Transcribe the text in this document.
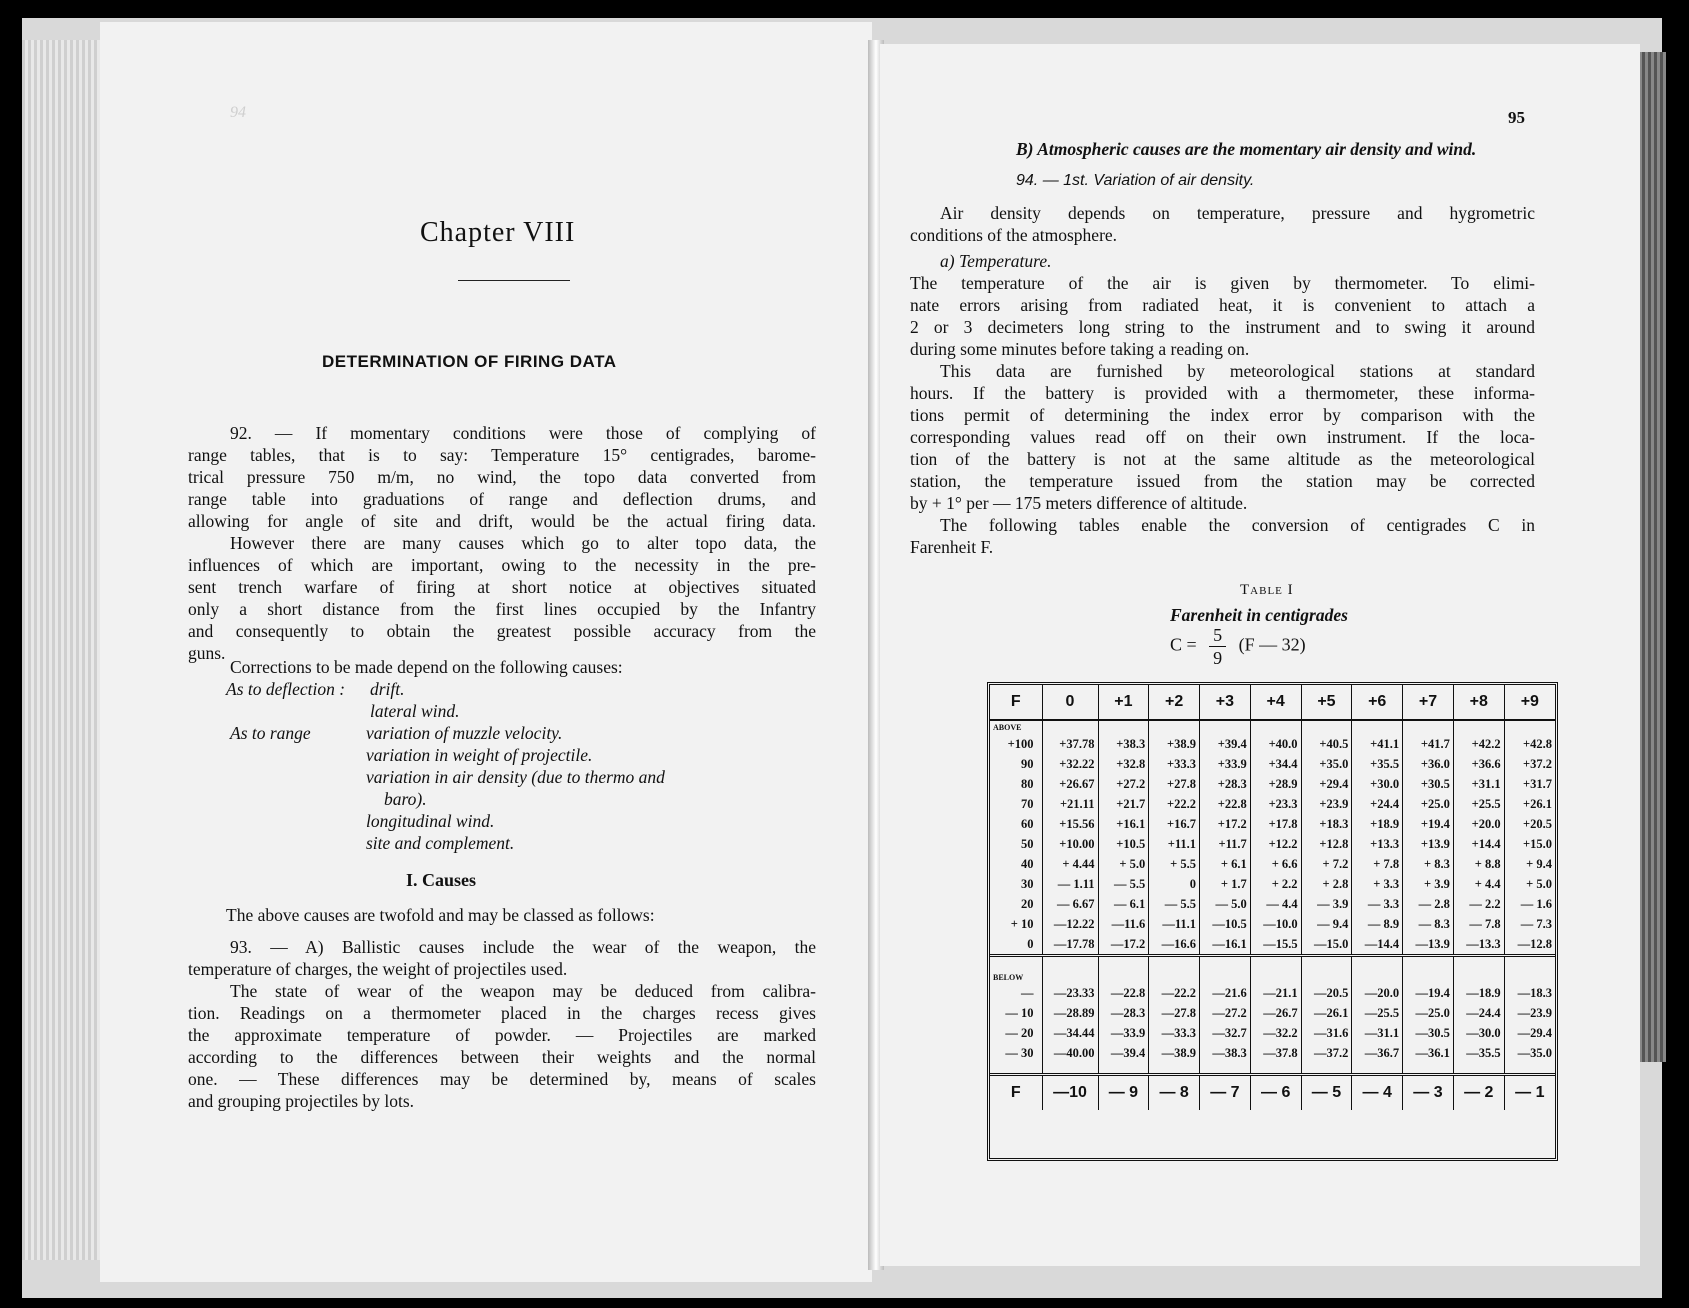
94
Chapter VIII
DETERMINATION OF FIRING DATA
92. — If momentary conditions were those of complying of
range tables, that is to say: Temperature 15° centigrades, barome-
trical pressure 750 m/m, no wind, the topo data converted from
range table into graduations of range and deflection drums, and
allowing for angle of site and drift, would be the actual firing data.
However there are many causes which go to alter topo data, the
influences of which are important, owing to the necessity in the pre-
sent trench warfare of firing at short notice at objectives situated
only a short distance from the first lines occupied by the Infantry
and consequently to obtain the greatest possible accuracy from the
guns.
Corrections to be made depend on the following causes:
As to deflection : drift.
lateral wind.
As to range	variation of muzzle velocity.
variation in weight of projectile.
variation in air density (due to thermo and
baro).
longitudinal wind.
site and complement.
I. Causes
The above causes are twofold and may be classed as follows:
93. — A) Ballistic causes include the wear of the weapon, the
temperature of charges, the weight of projectiles used.
The state of wear of the weapon may be deduced from calibra-
tion. Readings on a thermometer placed in the charges recess gives
the approximate temperature of powder. — Projectiles are marked
according to the differences between their weights and the normal
one. — These differences may be determined by, means of scales
and grouping projectiles by lots.
95
B) Atmospheric causes are the momentary air density and wind.
94. — 1st. Variation of air density.
Air density depends on temperature, pressure and hygrometric
conditions of the atmosphere.
a) Temperature.
The temperature of the air is given by thermometer. To elimi-
nate errors arising from radiated heat, it is convenient to attach a
2 or 3 decimeters long string to the instrument and to swing it around
during some minutes before taking a reading on.
This data are furnished by meteorological stations at standard
hours. If the battery is provided with a thermometer, these informa-
tions permit of determining the index error by comparison with the
corresponding values read off on their own instrument. If the loca-
tion of the battery is not at the same altitude as the meteorological
station, the temperature issued from the station may be corrected
by + 1° per — 175 meters difference of altitude.
The following tables enable the conversion of centigrades C in
Farenheit F.
Table I
Farenheit in centigrades
$C = \frac{5}{9} (F$ — 32)
F	0	+1	+2	+3	+4	+5	+6	+7	+8	+9
ABOVE										
+100	+37.78	+38.3	+38.9	+39.4	+40.0	+40.5	+41.1	+41.7	+42.2	+42.8
90	+32.22	+32.8	+33.3	+33.9	+34.4	+35.0	+35.5	+36.0	+36.6	+37.2
80	+26.67	+27.2	+27.8	+28.3	+28.9	+29.4	+30.0	+30.5	+31.1	+31.7
70	+21.11	+21.7	+22.2	+22.8	+23.3	+23.9	+24.4	+25.0	+25.5	+26.1
60	+15.56	+16.1	+16.7	+17.2	+17.8	+18.3	+18.9	+19.4	+20.0	+20.5
50	+10.00	+10.5	+11.1	+11.7	+12.2	+12.8	+13.3	+13.9	+14.4	+15.0
40	+ 4.44	+ 5.0	+ 5.5	+ 6.1	+ 6.6	+ 7.2	+ 7.8	+ 8.3	+ 8.8	+ 9.4
30	— 1.11	— 5.5	0	+ 1.7	+ 2.2	+ 2.8	+ 3.3	+ 3.9	+ 4.4	+ 5.0
20	— 6.67	— 6.1	— 5.5	— 5.0	— 4.4	— 3.9	— 3.3	— 2.8	— 2.2	— 1.6
+ 10	—12.22	—11.6	—11.1	—10.5	—10.0	— 9.4	— 8.9	— 8.3	— 7.8	— 7.3
0	—17.78	—17.2	—16.6	—16.1	—15.5	—15.0	—14.4	—13.9	—13.3	—12.8
BELOW										
—	—23.33	—22.8	—22.2	—21.6	—21.1	—20.5	—20.0	—19.4	—18.9	—18.3
— 10	—28.89	—28.3	—27.8	—27.2	—26.7	—26.1	—25.5	—25.0	—24.4	—23.9
— 20	—34.44	—33.9	—33.3	—32.7	—32.2	—31.6	—31.1	—30.5	—30.0	—29.4
— 30	—40.00	—39.4	—38.9	—38.3	—37.8	—37.2	—36.7	—36.1	—35.5	—35.0

F	—10	— 9	— 8	— 7	— 6	— 5	— 4	— 3	— 2	— 1
